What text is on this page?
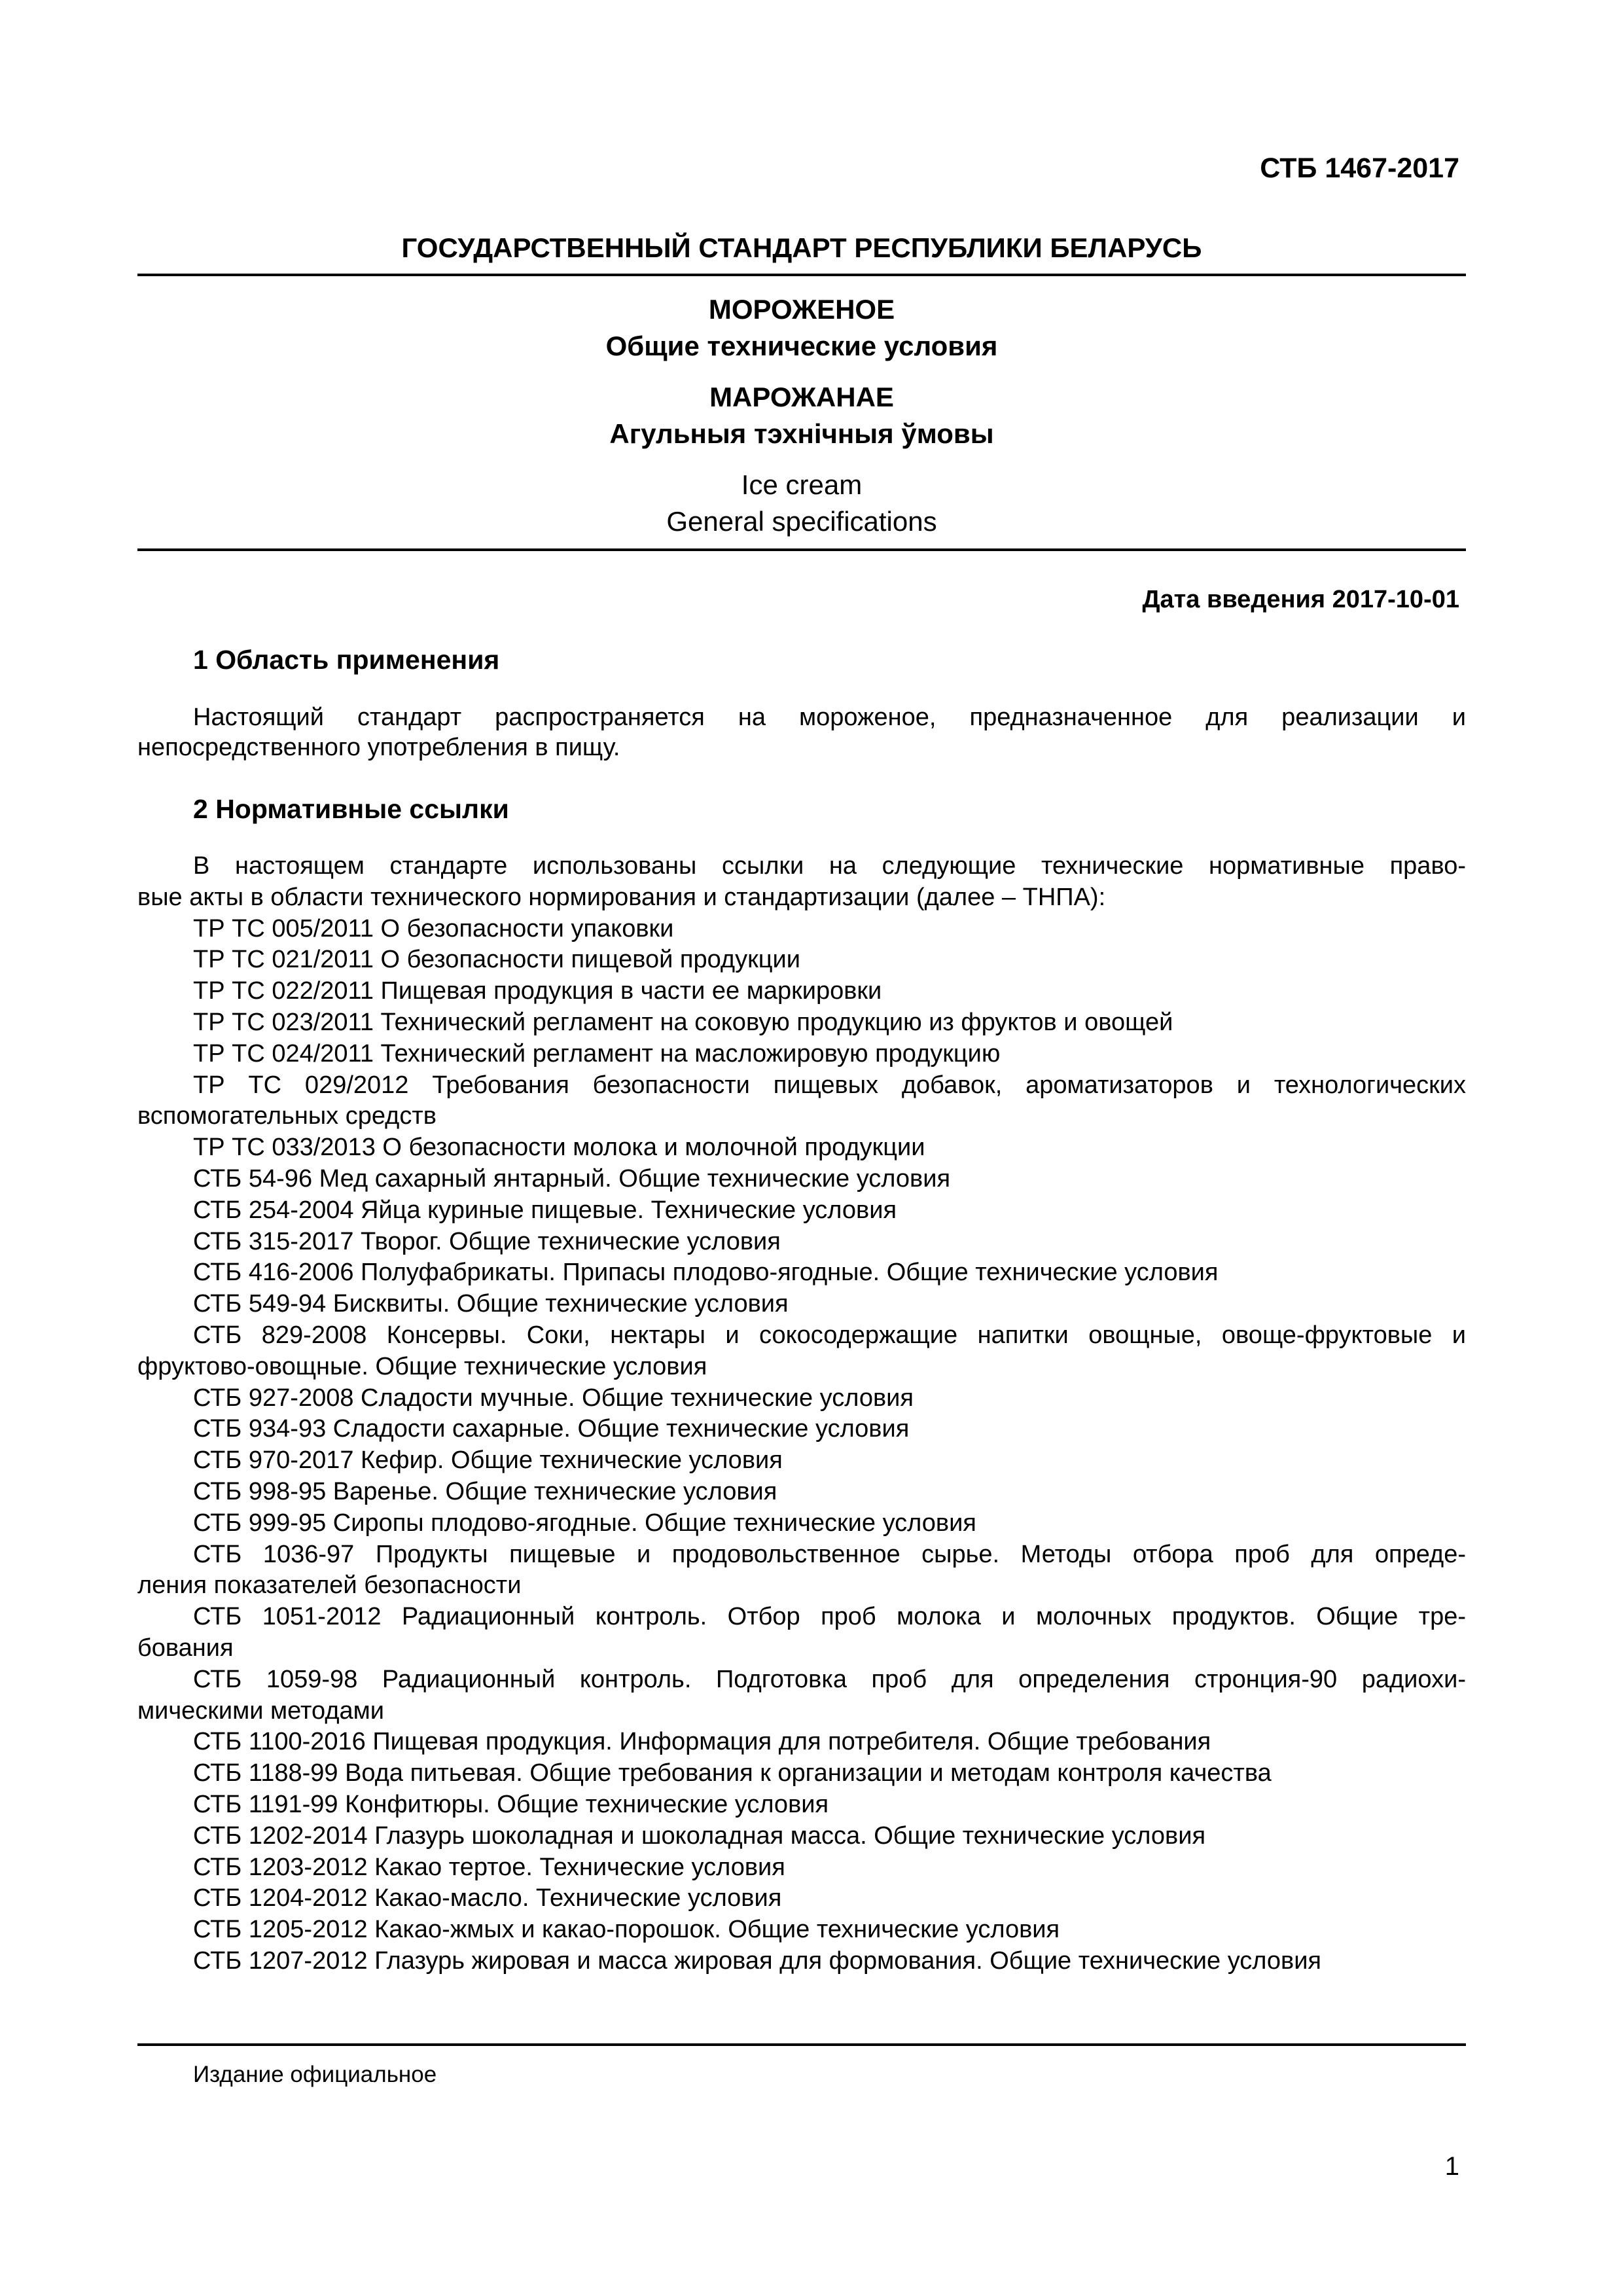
СТБ 1467-2017
ГОСУДАРСТВЕННЫЙ СТАНДАРТ РЕСПУБЛИКИ БЕЛАРУСЬ
МОРОЖЕНОЕ
Общие технические условия
МАРОЖАНАЕ
Агульныя тэхнічныя ўмовы
Ice cream
General specifications
Дата введения 2017-10-01
1 Область применения
Настоящий стандарт распространяется на мороженое, предназначенное для реализации и непосредственного употребления в пищу.
2 Нормативные ссылки
В настоящем стандарте использованы ссылки на следующие технические нормативные право-
вые акты в области технического нормирования и стандартизации (далее – ТНПА):
ТР ТС 005/2011 О безопасности упаковки
ТР ТС 021/2011 О безопасности пищевой продукции
ТР ТС 022/2011 Пищевая продукция в части ее маркировки
ТР ТС 023/2011 Технический регламент на соковую продукцию из фруктов и овощей
ТР ТС 024/2011 Технический регламент на масложировую продукцию
ТР ТС 029/2012 Требования безопасности пищевых добавок, ароматизаторов и технологических
вспомогательных средств
ТР ТС 033/2013 О безопасности молока и молочной продукции
СТБ 54-96 Мед сахарный янтарный. Общие технические условия
СТБ 254-2004 Яйца куриные пищевые. Технические условия
СТБ 315-2017 Творог. Общие технические условия
СТБ 416-2006 Полуфабрикаты. Припасы плодово-ягодные. Общие технические условия
СТБ 549-94 Бисквиты. Общие технические условия
СТБ 829-2008 Консервы. Соки, нектары и сокосодержащие напитки овощные, овоще-фруктовые и
фруктово-овощные. Общие технические условия
СТБ 927-2008 Сладости мучные. Общие технические условия
СТБ 934-93 Сладости сахарные. Общие технические условия
СТБ 970-2017 Кефир. Общие технические условия
СТБ 998-95 Варенье. Общие технические условия
СТБ 999-95 Сиропы плодово-ягодные. Общие технические условия
СТБ 1036-97 Продукты пищевые и продовольственное сырье. Методы отбора проб для опреде-
ления показателей безопасности
СТБ 1051-2012 Радиационный контроль. Отбор проб молока и молочных продуктов. Общие тре-
бования
СТБ 1059-98 Радиационный контроль. Подготовка проб для определения стронция-90 радиохи-
мическими методами
СТБ 1100-2016 Пищевая продукция. Информация для потребителя. Общие требования
СТБ 1188-99 Вода питьевая. Общие требования к организации и методам контроля качества
СТБ 1191-99 Конфитюры. Общие технические условия
СТБ 1202-2014 Глазурь шоколадная и шоколадная масса. Общие технические условия
СТБ 1203-2012 Какао тертое. Технические условия
СТБ 1204-2012 Какао-масло. Технические условия
СТБ 1205-2012 Какао-жмых и какао-порошок. Общие технические условия
СТБ 1207-2012 Глазурь жировая и масса жировая для формования. Общие технические условия
Издание официальное
1
